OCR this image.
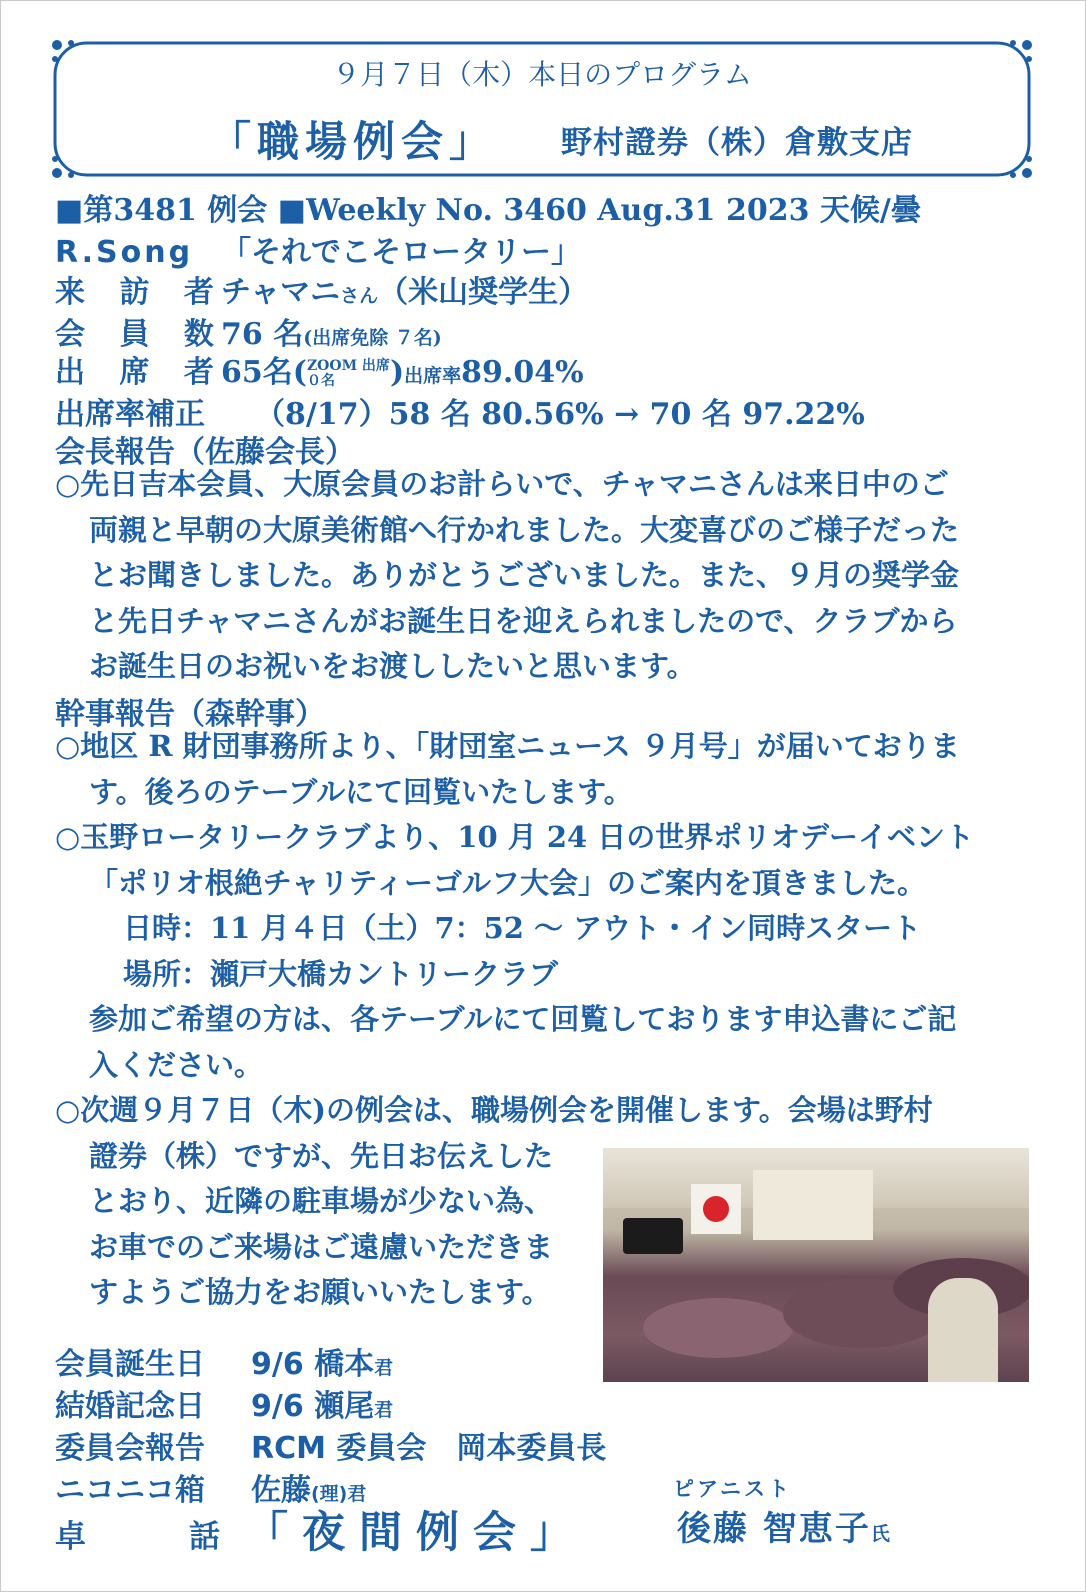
９月７日（木）本日のプログラム
「職場例会」 野村證券（株）倉敷支店
■第3481 例会 ■Weekly No. 3460 Aug.31 2023 天候/曇
R.Song 「それでこそロータリー」
来 訪 者チャマニさん（米山奨学生）
会 員 数76 名(出席免除 ７名)
出 席 者65名(ZOOM 出席
０名 )出席率89.04%
出席率補正 （8/17）58 名 80.56% → 70 名 97.22%
会長報告（佐藤会長）
○先日吉本会員、大原会員のお計らいで、チャマニさんは来日中のご
両親と早朝の大原美術館へ行かれました。大変喜びのご様子だった
とお聞きしました。ありがとうございました。また、９月の奨学金
と先日チャマニさんがお誕生日を迎えられましたので、クラブから
お誕生日のお祝いをお渡ししたいと思います。
幹事報告（森幹事）
○地区 R 財団事務所より、「財団室ニュース ９月号」が届いておりま
す。後ろのテーブルにて回覧いたします。
○玉野ロータリークラブより、10 月 24 日の世界ポリオデーイベント
「ポリオ根絶チャリティーゴルフ大会」のご案内を頂きました。
日時：11 月４日（土）7：52 〜 アウト・イン同時スタート
場所：瀬戸大橋カントリークラブ
参加ご希望の方は、各テーブルにて回覧しております申込書にご記
入ください。
○次週９月７日（木)の例会は、職場例会を開催します。会場は野村
證券（株）ですが、先日お伝えした
とおり、近隣の駐車場が少ない為、
お車でのご来場はご遠慮いただきま
すようご協力をお願いいたします。
会員誕生日 9/6 橋本君
結婚記念日 9/6 瀬尾君
委員会報告 RCM 委員会　岡本委員長
ニコニコ箱 佐藤(理)君
卓	話 「夜間例会」
ピアニスト
後藤 智恵子氏
